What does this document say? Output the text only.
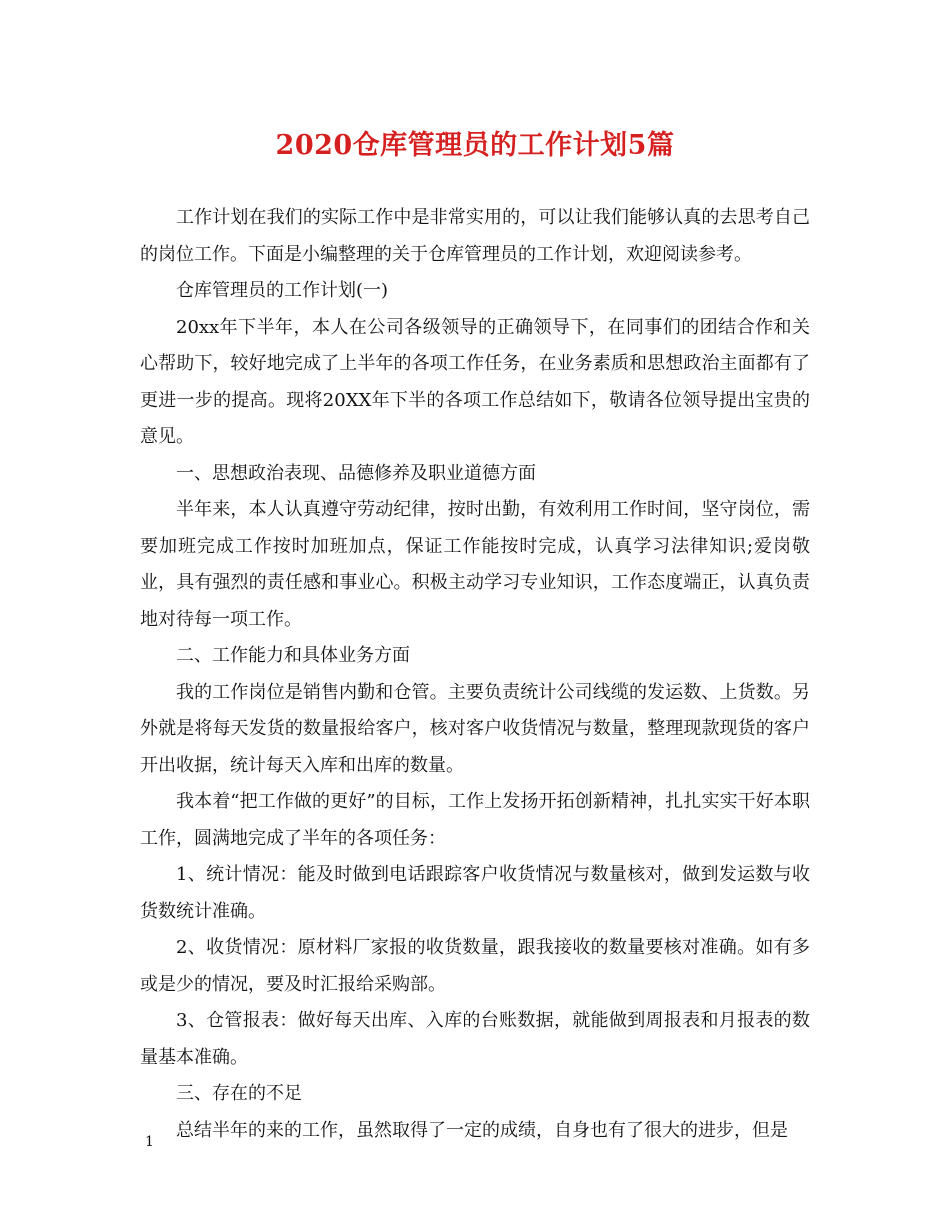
2020仓库管理员的工作计划5篇

工作计划在我们的实际工作中是非常实用的，可以让我们能够认真的去思考自己的岗位工作。下面是小编整理的关于仓库管理员的工作计划，欢迎阅读参考。

仓库管理员的工作计划(一)

20xx年下半年，本人在公司各级领导的正确领导下，在同事们的团结合作和关心帮助下，较好地完成了上半年的各项工作任务，在业务素质和思想政治主面都有了更进一步的提高。现将20XX年下半的各项工作总结如下，敬请各位领导提出宝贵的意见。

一、思想政治表现、品德修养及职业道德方面

半年来，本人认真遵守劳动纪律，按时出勤，有效利用工作时间，坚守岗位，需要加班完成工作按时加班加点，保证工作能按时完成，认真学习法律知识;爱岗敬业，具有强烈的责任感和事业心。积极主动学习专业知识，工作态度端正，认真负责地对待每一项工作。

二、工作能力和具体业务方面

我的工作岗位是销售内勤和仓管。主要负责统计公司线缆的发运数、上货数。另外就是将每天发货的数量报给客户，核对客户收货情况与数量，整理现款现货的客户开出收据，统计每天入库和出库的数量。

我本着“把工作做的更好”的目标，工作上发扬开拓创新精神，扎扎实实干好本职工作，圆满地完成了半年的各项任务：

1、统计情况：能及时做到电话跟踪客户收货情况与数量核对，做到发运数与收货数统计准确。

2、收货情况：原材料厂家报的收货数量，跟我接收的数量要核对准确。如有多或是少的情况，要及时汇报给采购部。

3、仓管报表：做好每天出库、入库的台账数据，就能做到周报表和月报表的数量基本准确。

三、存在的不足

总结半年的来的工作，虽然取得了一定的成绩，自身也有了很大的进步，但是

1
